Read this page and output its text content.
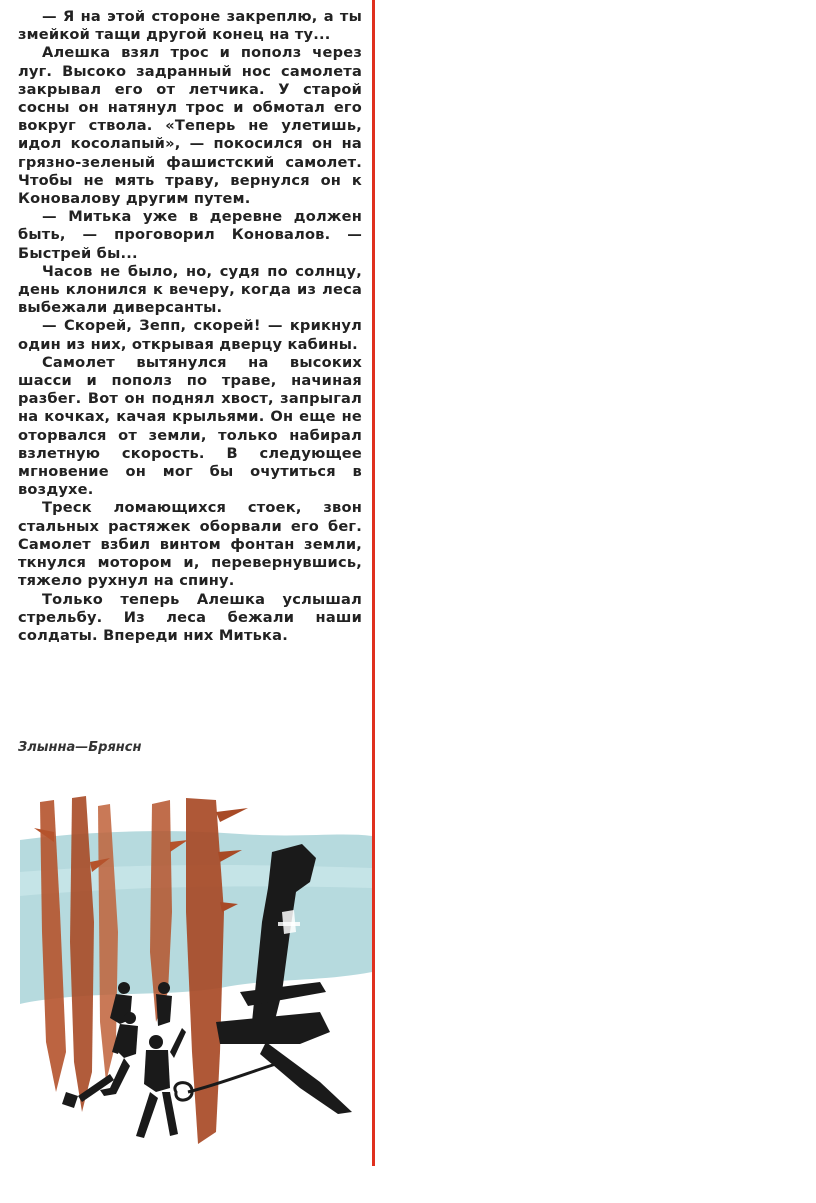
— Я на этой стороне закреплю, а ты змейкой тащи другой конец на ту...

Алешка взял трос и пополз через луг. Высоко задранный нос самолета закрывал его от летчика. У старой сосны он натянул трос и обмотал его вокруг ствола. «Теперь не улетишь, идол косолапый», — покосился он на грязно-зеленый фашистский самолет. Чтобы не мять траву, вернулся он к Коновалову другим путем.

— Митька уже в деревне должен быть, — проговорил Коновалов. — Быстрей бы...

Часов не было, но, судя по солнцу, день клонился к вечеру, когда из леса выбежали диверсанты.

— Скорей, Зепп, скорей! — крикнул один из них, открывая дверцу кабины.

Самолет вытянулся на высоких шасси и пополз по траве, начиная разбег. Вот он поднял хвост, запрыгал на кочках, качая крыльями. Он еще не оторвался от земли, только набирал взлетную скорость. В следующее мгновение он мог бы очутиться в воздухе.

Треск ломающихся стоек, звон стальных растяжек оборвали его бег. Самолет взбил винтом фонтан земли, ткнулся мотором и, перевернувшись, тяжело рухнул на спину.

Только теперь Алешка услышал стрельбу. Из леса бежали наши солдаты. Впереди них Митька.

Злынна—Брянсн
